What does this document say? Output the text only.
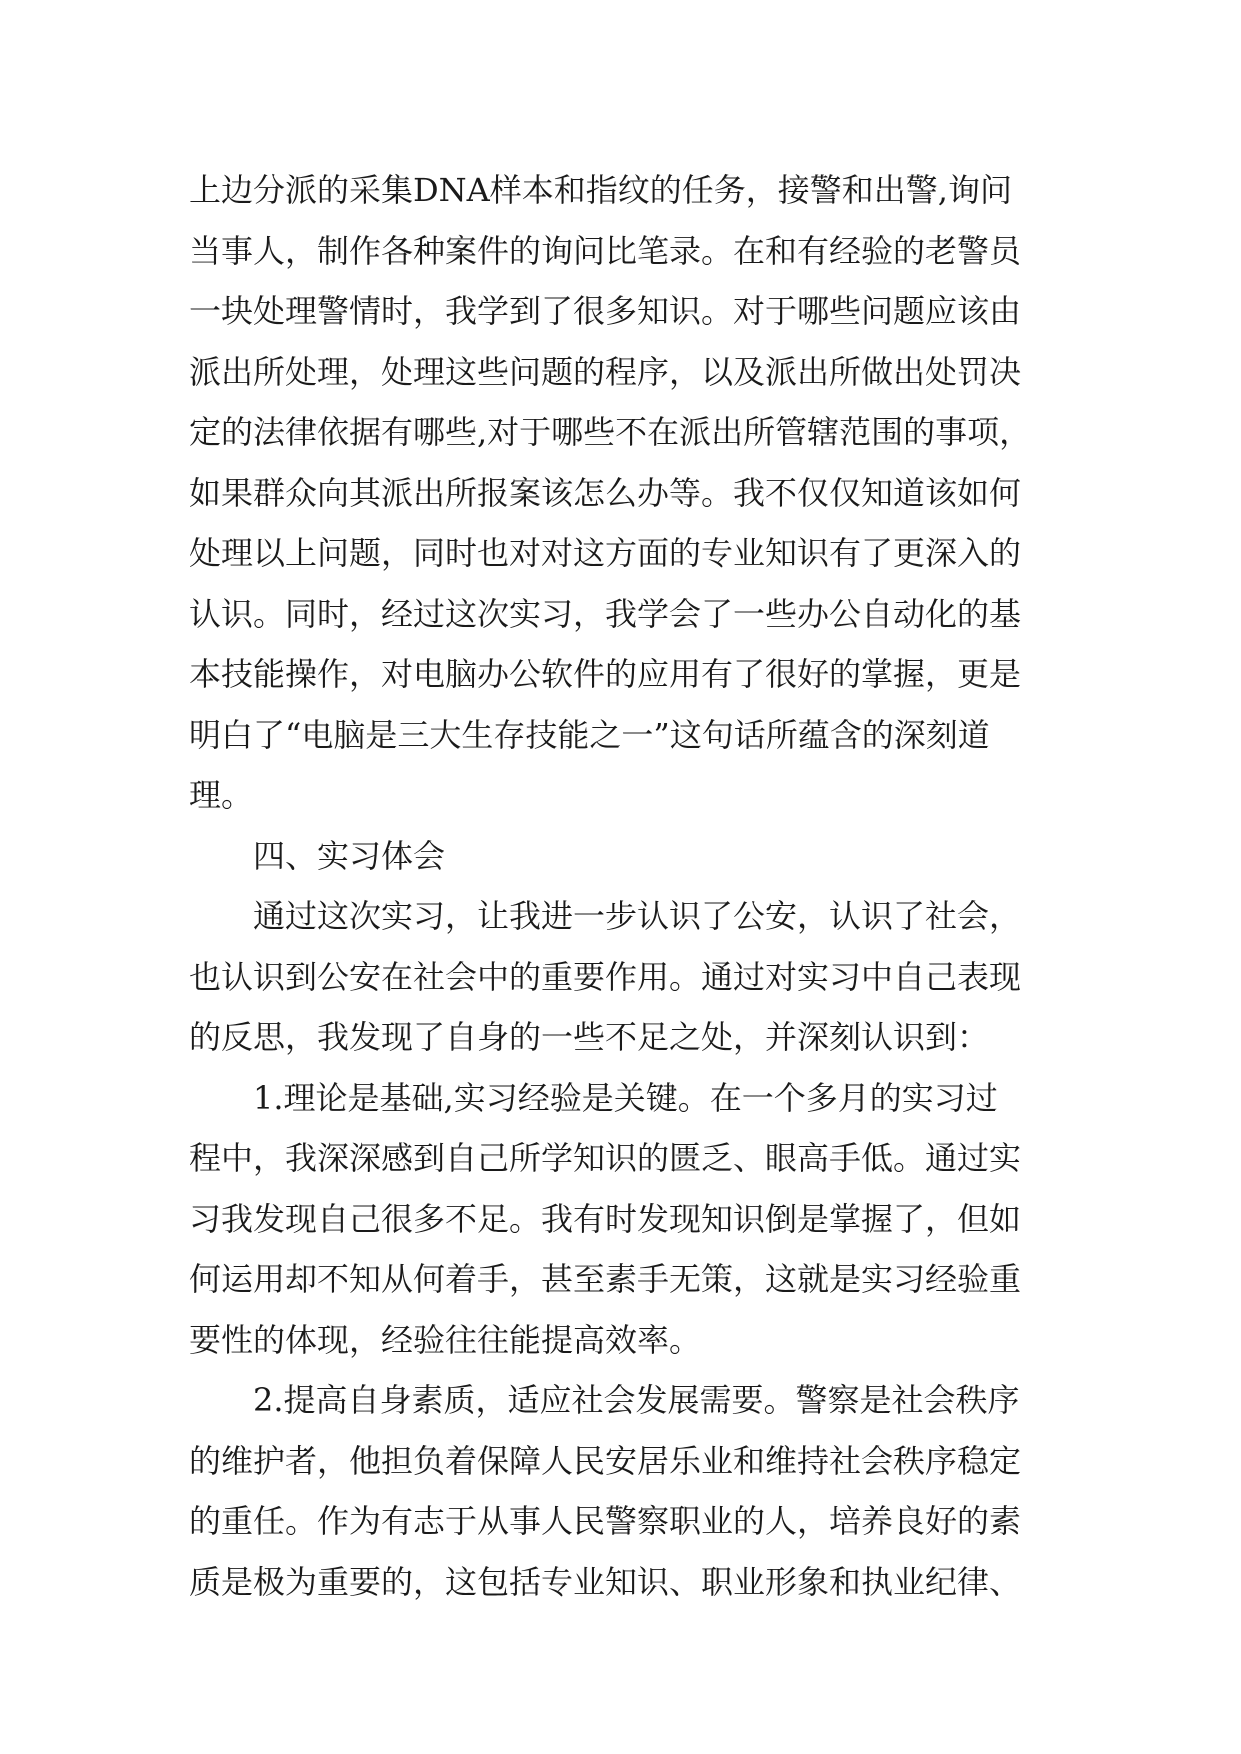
上边分派的采集DNA样本和指纹的任务，接警和出警,询问
当事人，制作各种案件的询问比笔录。在和有经验的老警员
一块处理警情时，我学到了很多知识。对于哪些问题应该由
派出所处理，处理这些问题的程序，以及派出所做出处罚决
定的法律依据有哪些,对于哪些不在派出所管辖范围的事项，
如果群众向其派出所报案该怎么办等。我不仅仅知道该如何
处理以上问题，同时也对对这方面的专业知识有了更深入的
认识。同时，经过这次实习，我学会了一些办公自动化的基
本技能操作，对电脑办公软件的应用有了很好的掌握，更是
明白了“电脑是三大生存技能之一”这句话所蕴含的深刻道
理。
四、实习体会
通过这次实习，让我进一步认识了公安，认识了社会，
也认识到公安在社会中的重要作用。通过对实习中自己表现
的反思，我发现了自身的一些不足之处，并深刻认识到：
1.理论是基础,实习经验是关键。在一个多月的实习过
程中，我深深感到自己所学知识的匮乏、眼高手低。通过实
习我发现自己很多不足。我有时发现知识倒是掌握了，但如
何运用却不知从何着手，甚至素手无策，这就是实习经验重
要性的体现，经验往往能提高效率。
2.提高自身素质，适应社会发展需要。警察是社会秩序
的维护者，他担负着保障人民安居乐业和维持社会秩序稳定
的重任。作为有志于从事人民警察职业的人，培养良好的素
质是极为重要的，这包括专业知识、职业形象和执业纪律、
